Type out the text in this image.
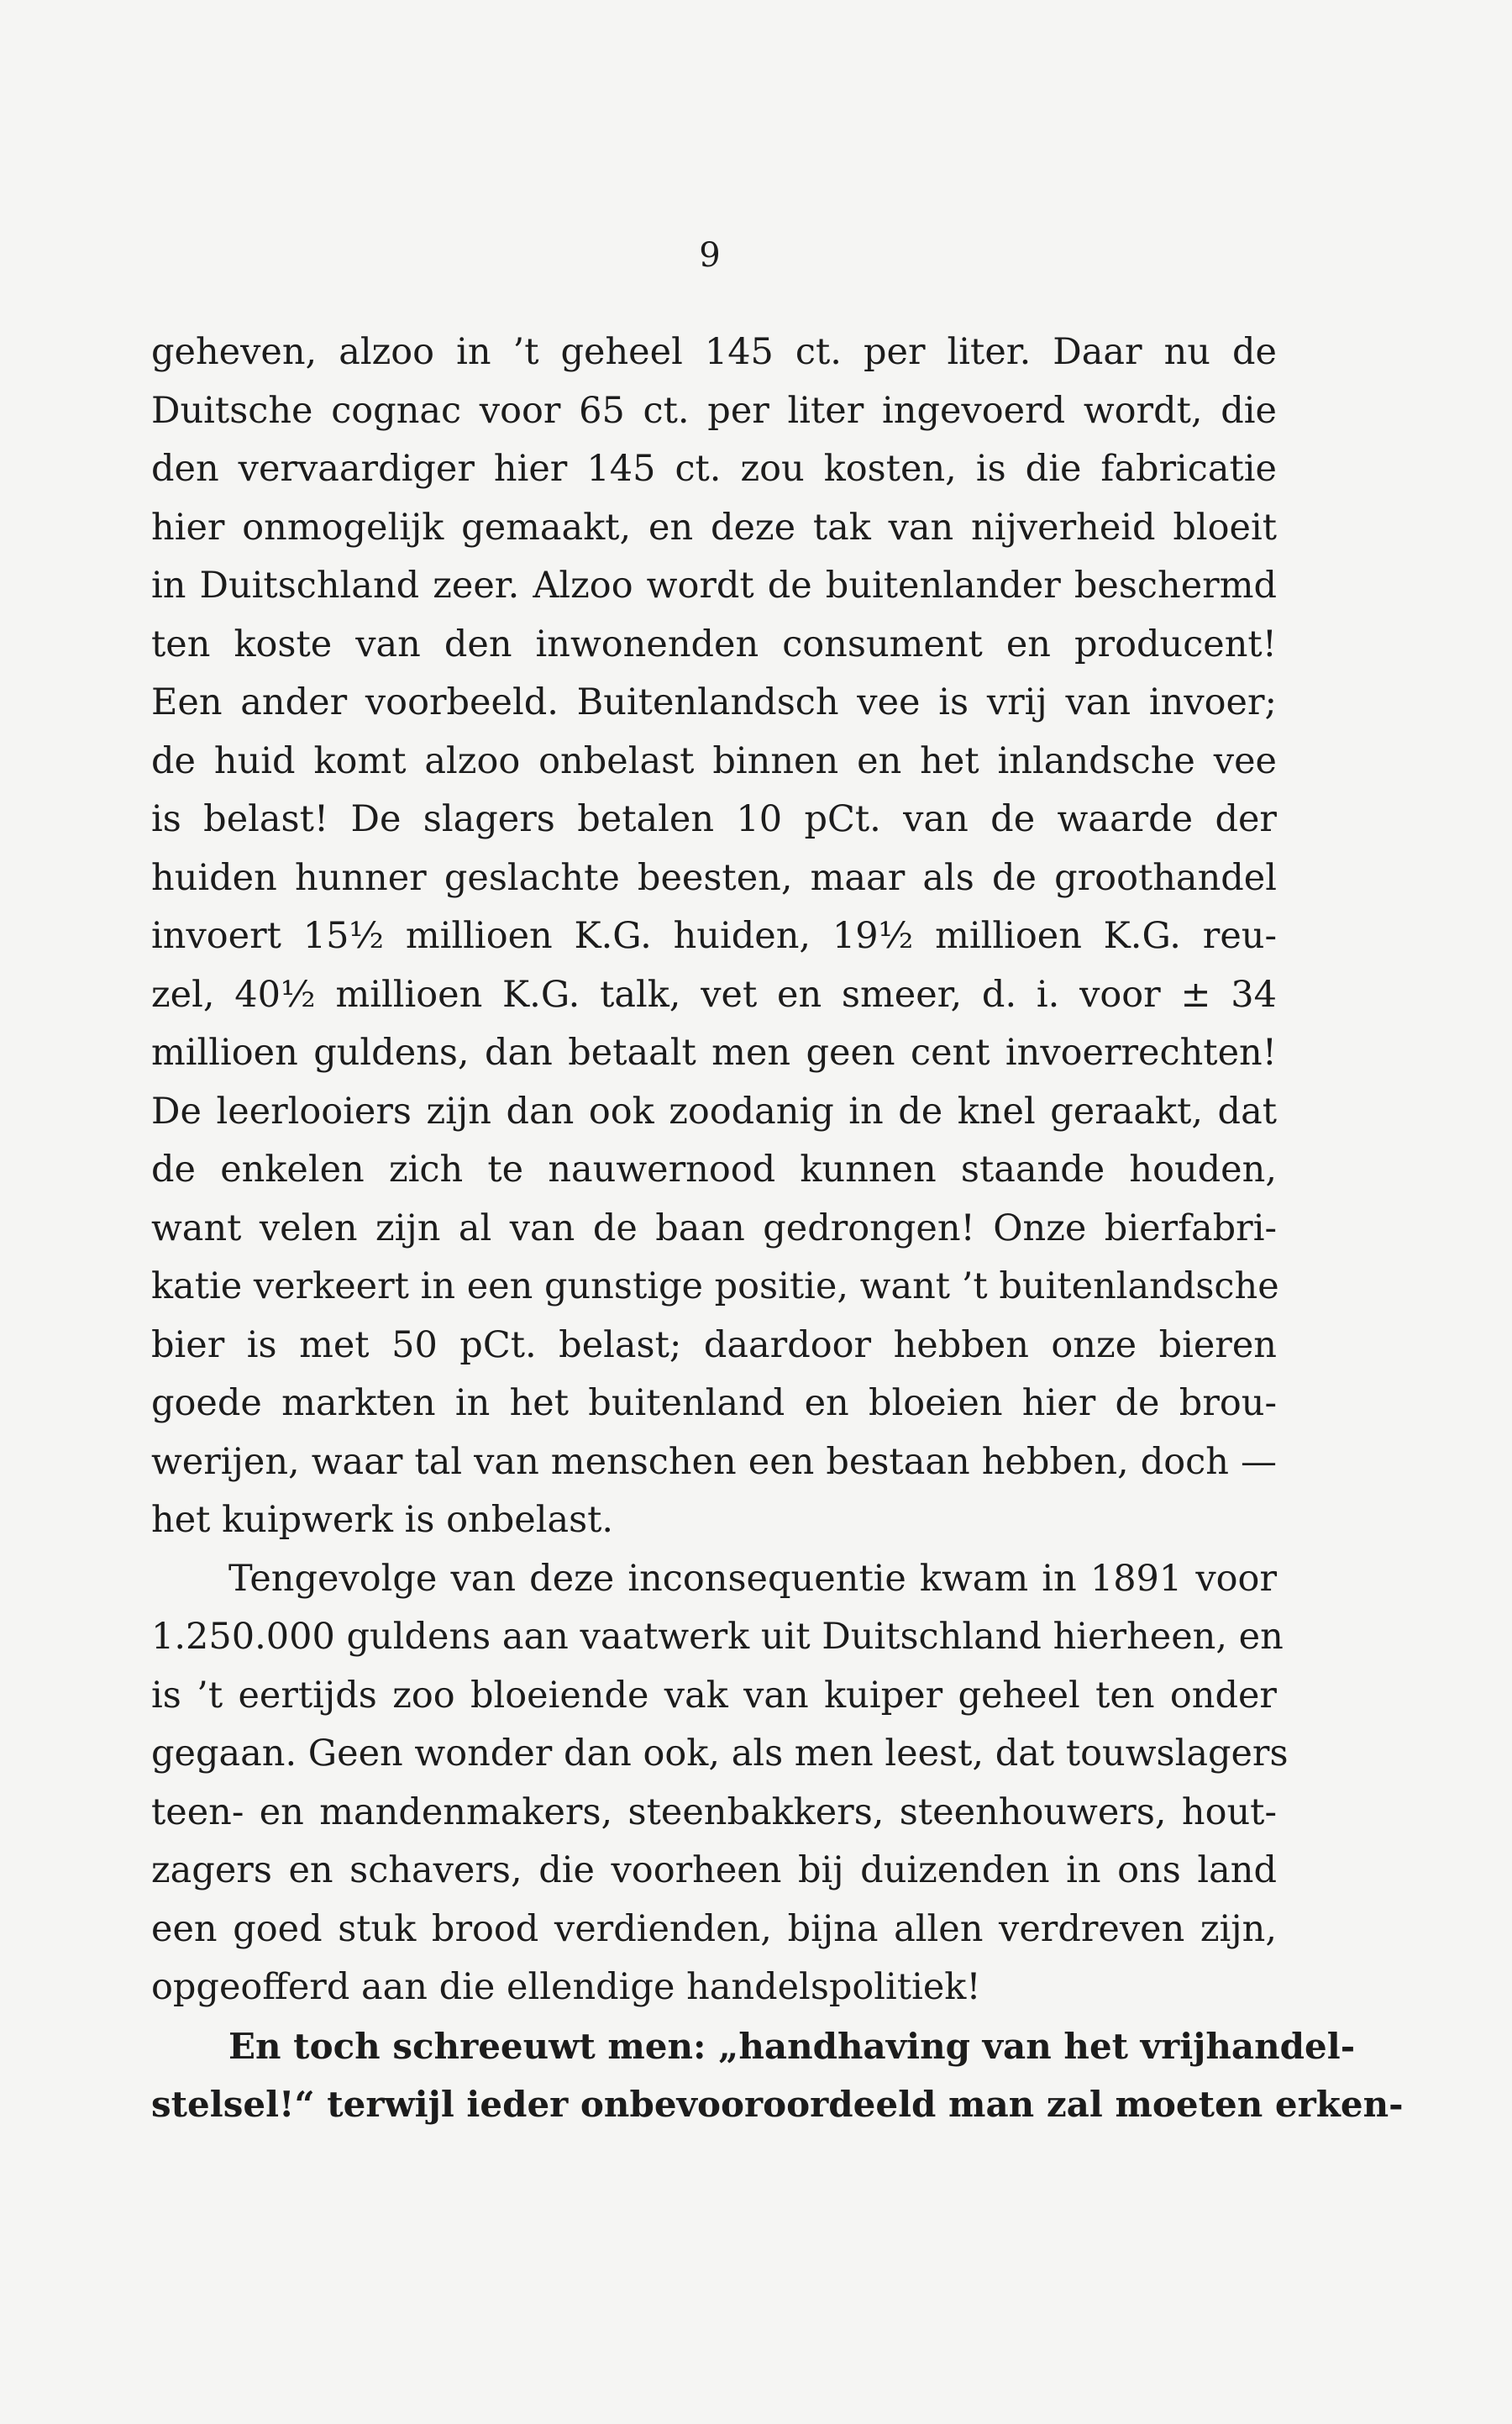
9
geheven, alzoo in ’t geheel 145 ct. per liter. Daar nu de
Duitsche cognac voor 65 ct. per liter ingevoerd wordt, die
den vervaardiger hier 145 ct. zou kosten, is die fabricatie
hier onmogelijk gemaakt, en deze tak van nijverheid bloeit
in Duitschland zeer. Alzoo wordt de buitenlander beschermd
ten koste van den inwonenden consument en producent!
Een ander voorbeeld. Buitenlandsch vee is vrij van invoer;
de huid komt alzoo onbelast binnen en het inlandsche vee
is belast! De slagers betalen 10 pCt. van de waarde der
huiden hunner geslachte beesten, maar als de groothandel
invoert 15½ millioen K.G. huiden, 19½ millioen K.G. reu-
zel, 40½ millioen K.G. talk, vet en smeer, d. i. voor ± 34
millioen guldens, dan betaalt men geen cent invoerrechten!
De leerlooiers zijn dan ook zoodanig in de knel geraakt, dat
de enkelen zich te nauwernood kunnen staande houden,
want velen zijn al van de baan gedrongen! Onze bierfabri-
katie verkeert in een gunstige positie, want ’t buitenlandsche
bier is met 50 pCt. belast; daardoor hebben onze bieren
goede markten in het buitenland en bloeien hier de brou-
werijen, waar tal van menschen een bestaan hebben, doch —
het kuipwerk is onbelast.
Tengevolge van deze inconsequentie kwam in 1891 voor
1.250.000 guldens aan vaatwerk uit Duitschland hierheen, en
is ’t eertijds zoo bloeiende vak van kuiper geheel ten onder
gegaan. Geen wonder dan ook, als men leest, dat touwslagers
teen- en mandenmakers, steenbakkers, steenhouwers, hout-
zagers en schavers, die voorheen bij duizenden in ons land
een goed stuk brood verdienden, bijna allen verdreven zijn,
opgeofferd aan die ellendige handelspolitiek!
En toch schreeuwt men: „handhaving van het vrijhandel-
stelsel!“ terwijl ieder onbevooroordeeld man zal moeten erken-
